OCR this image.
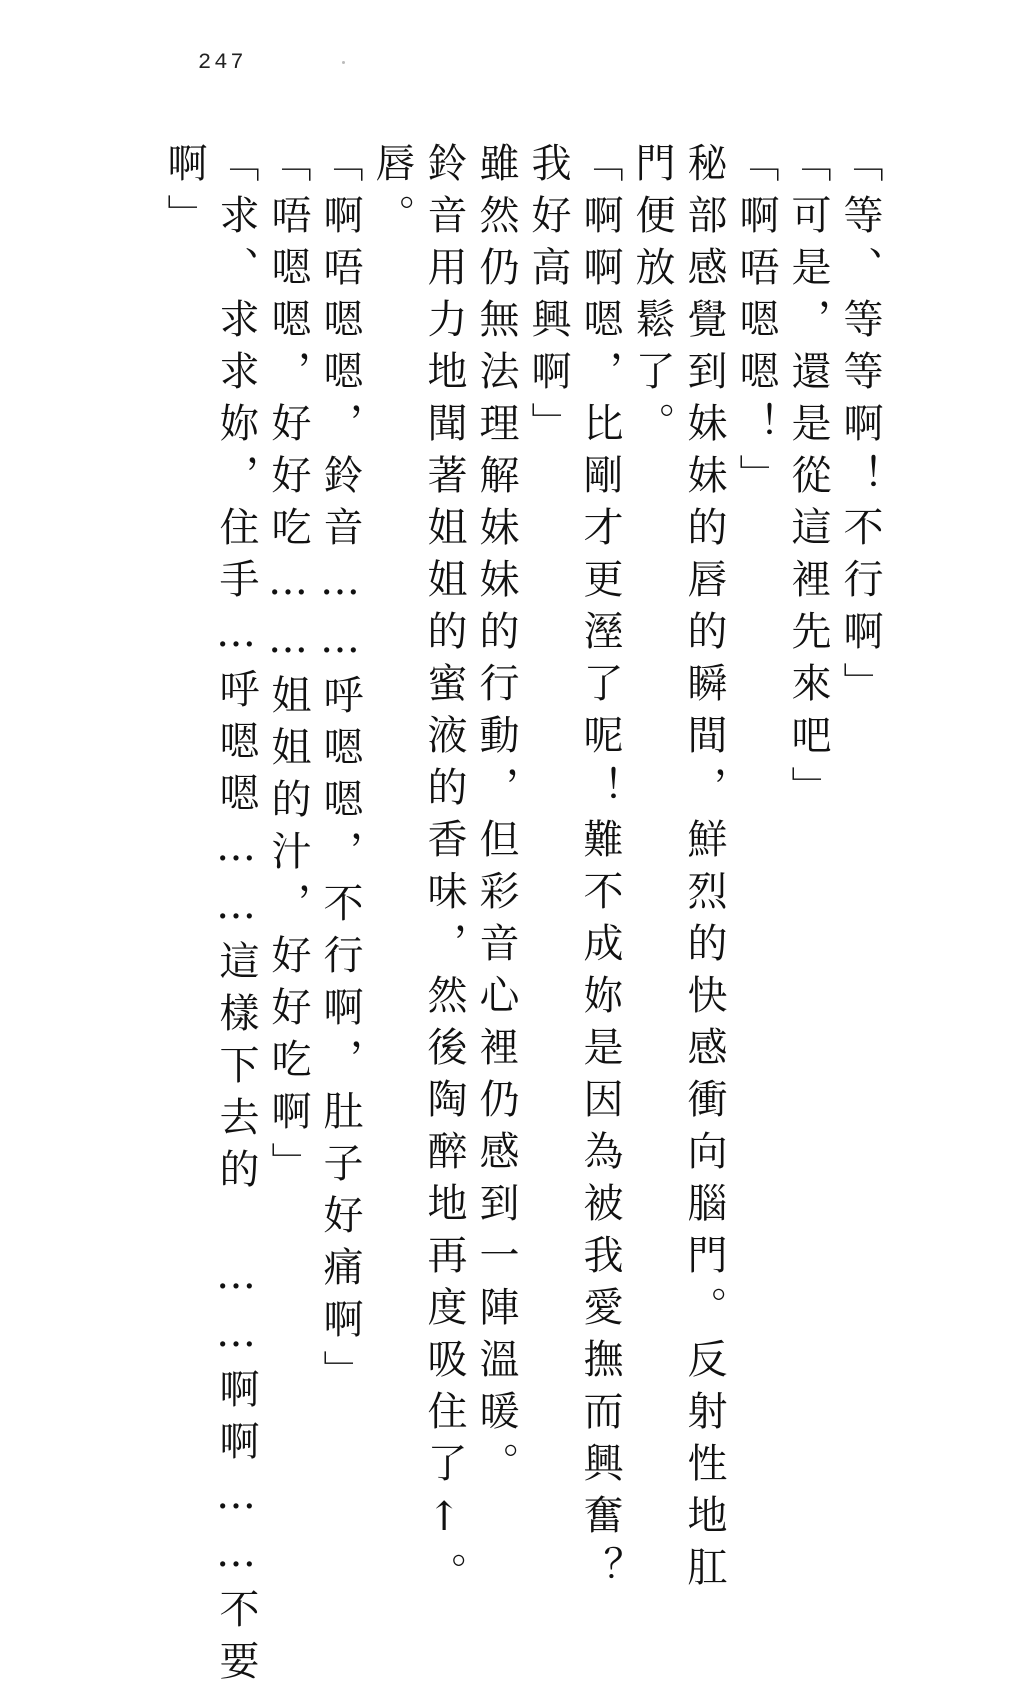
247
「等、等等啊！不行啊」
「可是，還是從這裡先來吧」
「啊唔嗯嗯！」
秘部感覺到妹妹的唇的瞬間，鮮烈的快感衝向腦門。反射性地肛
門便放鬆了。
「啊啊嗯，比剛才更溼了呢！難不成妳是因為被我愛撫而興奮？
我好高興啊」
雖然仍無法理解妹妹的行動，但彩音心裡仍感到一陣溫暖。
鈴音用力地聞著姐姐的蜜液的香味，然後陶醉地再度吸住了↑。
唇。
「啊唔嗯嗯，鈴音……呼嗯嗯，不行啊，肚子好痛啊」
「唔嗯嗯，好好吃……姐姐的汁，好好吃啊」
「求、求求妳，住手…呼嗯嗯……這樣下去的　……啊啊……不要
啊」
